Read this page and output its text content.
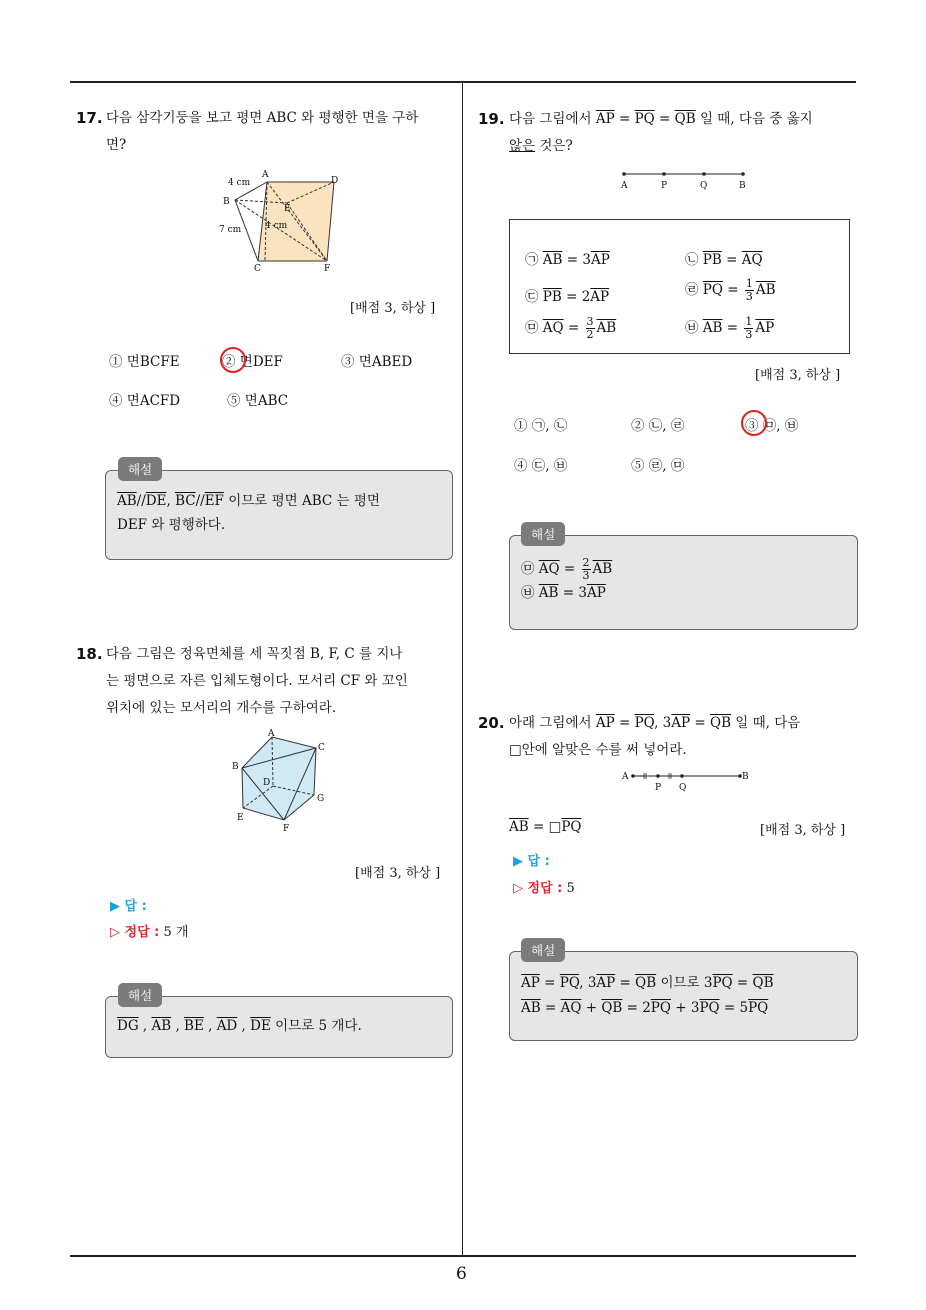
6
17. 다음 삼각기둥을 보고 평면 ABC 와 평행한 면을 구하
면?
A
D
B
E
C	F
4 cm
7 cm	4 cm
[배점 3, 하상 ]
① 면BCFE	② 면DEF	③ 면ABED
④ 면ACFD	⑤ 면ABC
해설
$\overline{AB}//\overline{DE}$, $\overline{BC}//\overline{EF}$ 이므로 평면 ABC 는 평면
DEF 와 평행하다.
18. 다음 그림은 정육면체를 세 꼭짓점 B, F, C 를 지나
는 평면으로 자른 입체도형이다. 모서리 CF 와 꼬인
위치에 있는 모서리의 개수를 구하여라.
A
C
B
D
G
E
F
[배점 3, 하상 ]
▶ 답 :
▷ 정답 : 5 개
해설
$\overline{DG}$ , $\overline{AB}$ , $\overline{BE}$ , $\overline{AD}$ , $\overline{DE}$ 이므로 5 개다.
19. 다음 그림에서 $\overline{AP} = \overline{PQ} = \overline{QB}$ 일 때, 다음 중 옳지
않은 것은?
A	P	Q	B
㉠ $\overline{AB} = 3\overline{AP}$	㉡ $\overline{PB} = \overline{AQ}$
㉢ $\overline{PB} = 2\overline{AP}$	㉣ $\overline{PQ} = \frac{1}{3} \overline{AB}$
㉤ $\overline{AQ} = \frac{3}{2} \overline{AB}$	㉥ $\overline{AB} = \frac{1}{3} \overline{AP}$
[배점 3, 하상 ]
① ㉠, ㉡	② ㉡, ㉣	③ ㉤, ㉥
④ ㉢, ㉥	⑤ ㉣, ㉤
해설
㉤ $\overline{AQ} = \frac{2}{3} \overline{AB}$
㉥ $\overline{AB} = 3\overline{AP}$
20. 아래 그림에서 $\overline{AP} = \overline{PQ}$, $3\overline{AP} = \overline{QB}$ 일 때, 다음
□안에 알맞은 수를 써 넣어라.
A
P Q
B
$\overline{AB}$ = $□\overline{PQ}$	[배점 3, 하상 ]
▶ 답 :
▷ 정답 : 5
해설
$\overline{AP} = \overline{PQ}$, $3\overline{AP} = \overline{QB}$ 이므로 $3\overline{PQ} = \overline{QB}$
$\overline{AB} = \overline{AQ} + \overline{QB} = 2\overline{PQ} + 3\overline{PQ} = 5\overline{PQ}$
